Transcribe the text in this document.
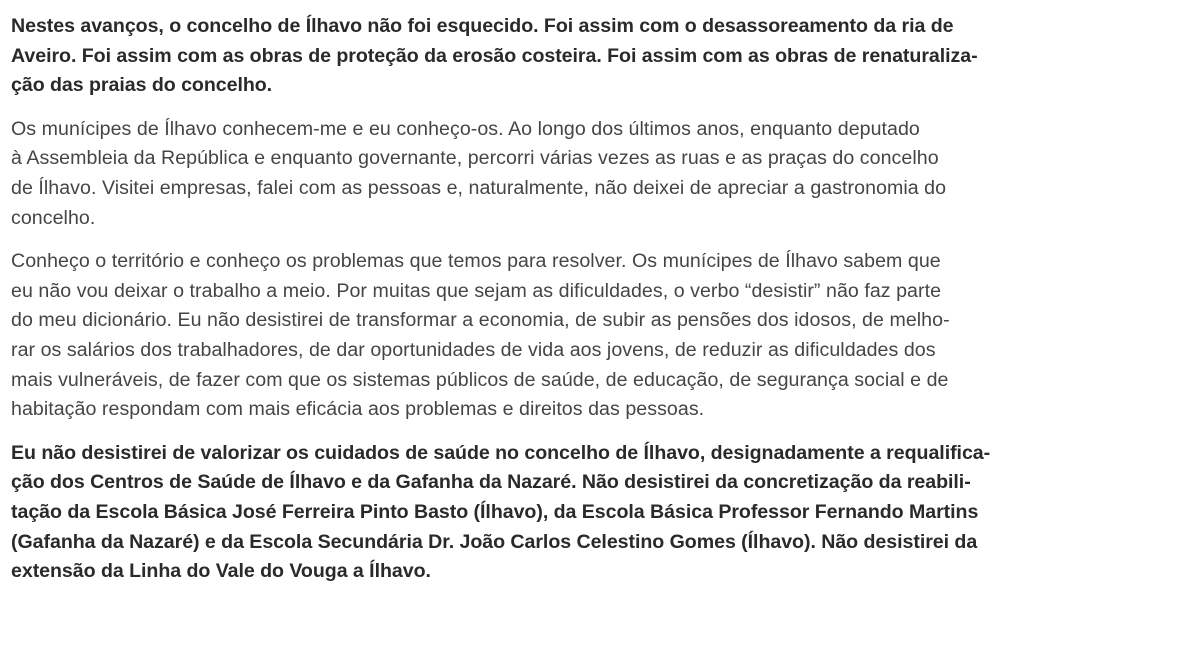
Nestes avanços, o concelho de Ílhavo não foi esquecido. Foi assim com o desassoreamento da ria de
Aveiro. Foi assim com as obras de proteção da erosão costeira. Foi assim com as obras de renaturaliza-
ção das praias do concelho.

Os munícipes de Ílhavo conhecem-me e eu conheço-os. Ao longo dos últimos anos, enquanto deputado
à Assembleia da República e enquanto governante, percorri várias vezes as ruas e as praças do concelho
de Ílhavo. Visitei empresas, falei com as pessoas e, naturalmente, não deixei de apreciar a gastronomia do
concelho.

Conheço o território e conheço os problemas que temos para resolver. Os munícipes de Ílhavo sabem que
eu não vou deixar o trabalho a meio. Por muitas que sejam as dificuldades, o verbo “desistir” não faz parte
do meu dicionário. Eu não desistirei de transformar a economia, de subir as pensões dos idosos, de melho-
rar os salários dos trabalhadores, de dar oportunidades de vida aos jovens, de reduzir as dificuldades dos
mais vulneráveis, de fazer com que os sistemas públicos de saúde, de educação, de segurança social e de
habitação respondam com mais eficácia aos problemas e direitos das pessoas.

Eu não desistirei de valorizar os cuidados de saúde no concelho de Ílhavo, designadamente a requalifica-
ção dos Centros de Saúde de Ílhavo e da Gafanha da Nazaré. Não desistirei da concretização da reabili-
tação da Escola Básica José Ferreira Pinto Basto (Ílhavo), da Escola Básica Professor Fernando Martins
(Gafanha da Nazaré) e da Escola Secundária Dr. João Carlos Celestino Gomes (Ílhavo). Não desistirei da
extensão da Linha do Vale do Vouga a Ílhavo.
